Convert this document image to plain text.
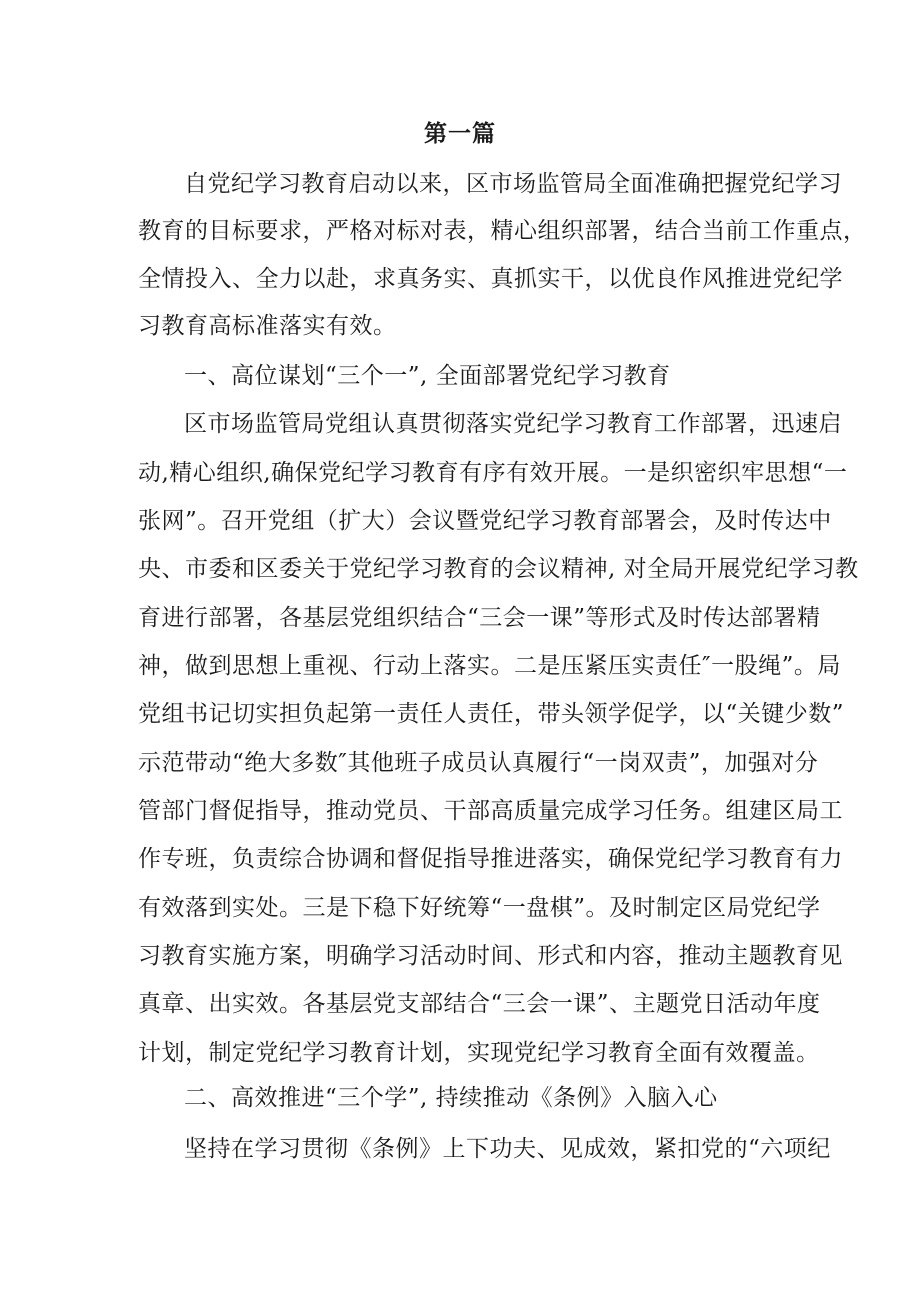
第一篇
自党纪学习教育启动以来，区市场监管局全面准确把握党纪学习
教育的目标要求，严格对标对表，精心组织部署，结合当前工作重点，
全情投入、全力以赴，求真务实、真抓实干，以优良作风推进党纪学
习教育高标准落实有效。
一、高位谋划“三个一”, 全面部署党纪学习教育
区市场监管局党组认真贯彻落实党纪学习教育工作部署，迅速启
动,精心组织,确保党纪学习教育有序有效开展。一是织密织牢思想“一
张网”。召开党组（扩大）会议暨党纪学习教育部署会，及时传达中
央、市委和区委关于党纪学习教育的会议精神, 对全局开展党纪学习教
育进行部署，各基层党组织结合“三会一课”等形式及时传达部署精
神，做到思想上重视、行动上落实。二是压紧压实责任″一股绳”。局
党组书记切实担负起第一责任人责任，带头领学促学，以“关键少数”
示范带动“绝大多数″其他班子成员认真履行“一岗双责”，加强对分
管部门督促指导，推动党员、干部高质量完成学习任务。组建区局工
作专班，负责综合协调和督促指导推进落实，确保党纪学习教育有力
有效落到实处。三是下稳下好统筹“一盘棋”。及时制定区局党纪学
习教育实施方案，明确学习活动时间、形式和内容，推动主题教育见
真章、出实效。各基层党支部结合“三会一课”、主题党日活动年度
计划，制定党纪学习教育计划，实现党纪学习教育全面有效覆盖。
二、高效推进“三个学”, 持续推动《条例》入脑入心
坚持在学习贯彻《条例》上下功夫、见成效，紧扣党的“六项纪
